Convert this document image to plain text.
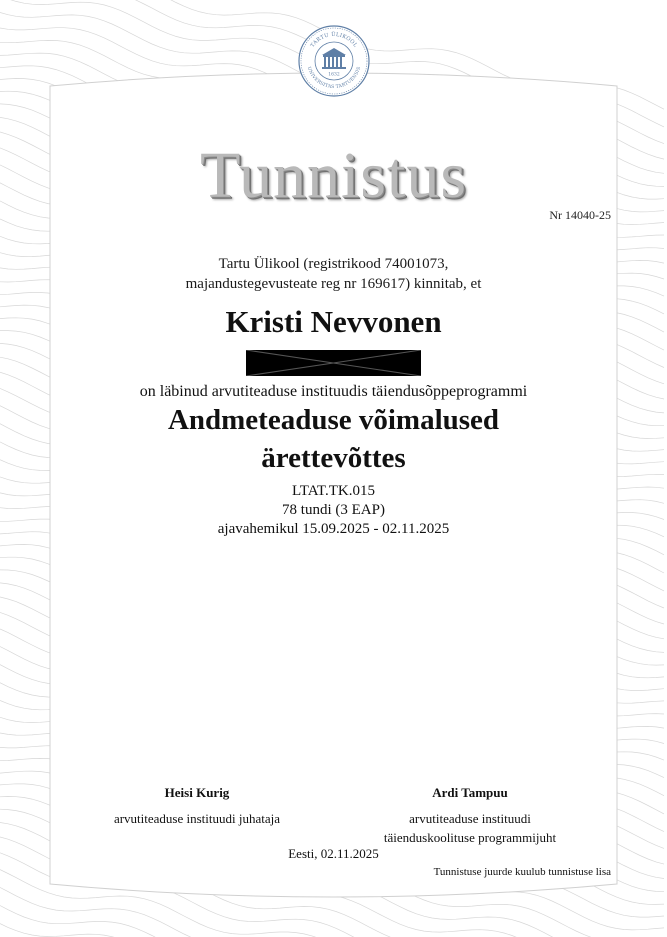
TARTU ÜLIKOOL
UNIVERSITAS TARTUENSIS
1632
Tunnistus
Nr 14040-25
Tartu Ülikool (registrikood 74001073,
majandustegevusteate reg nr 169617) kinnitab, et
Kristi Nevvonen
on läbinud arvutiteaduse instituudis täiendusõppeprogrammi
Andmeteaduse võimalused
ärettevõttes
LTAT.TK.015
78 tundi (3 EAP)
ajavahemikul 15.09.2025 - 02.11.2025
Heisi Kurig
arvutiteaduse instituudi juhataja
Ardi Tampuu
arvutiteaduse instituudi
täienduskoolituse programmijuht
Eesti, 02.11.2025
Tunnistuse juurde kuulub tunnistuse lisa
